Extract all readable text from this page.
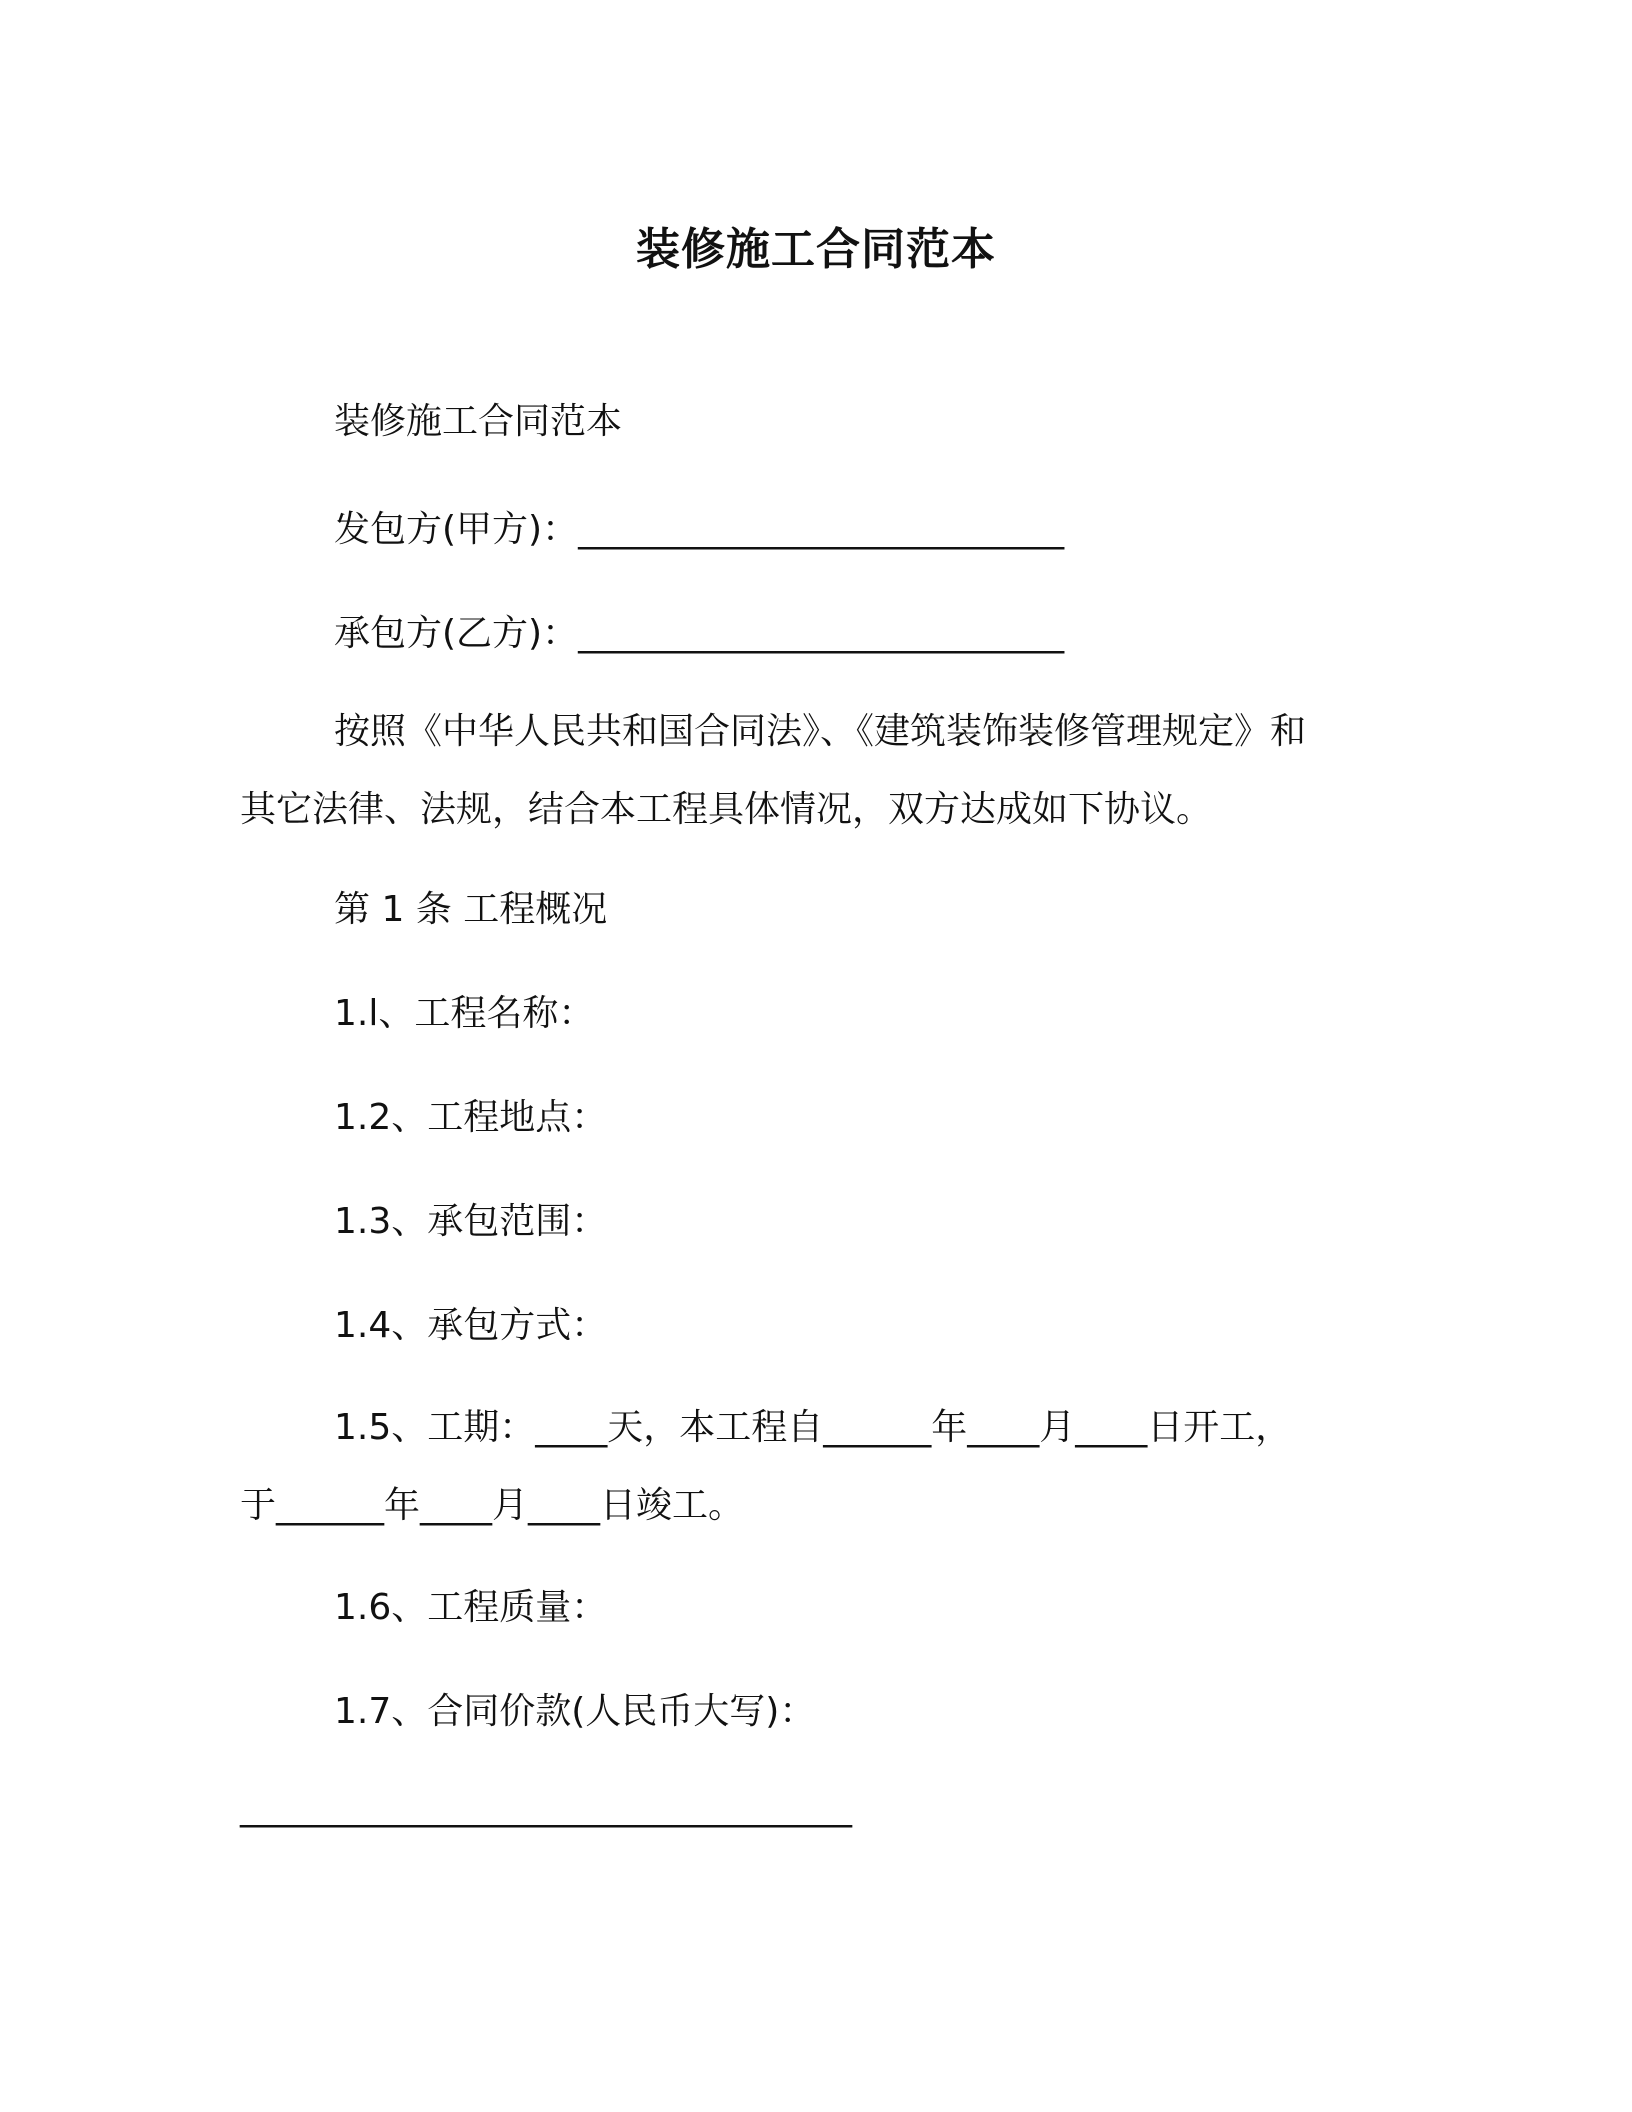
装修施工合同范本
装修施工合同范本
发包方(甲方)：___________________________
承包方(乙方)：___________________________
按照《中华人民共和国合同法》、《建筑装饰装修管理规定》和
其它法律、法规，结合本工程具体情况，双方达成如下协议。
第 1 条 工程概况
1.l、工程名称：
1.2、工程地点：
1.3、承包范围：
1.4、承包方式：
1.5、工期：____天，本工程自______年____月____日开工，
于______年____月____日竣工。
1.6、工程质量：
1.7、合同价款(人民币大写)：
__________________________________
